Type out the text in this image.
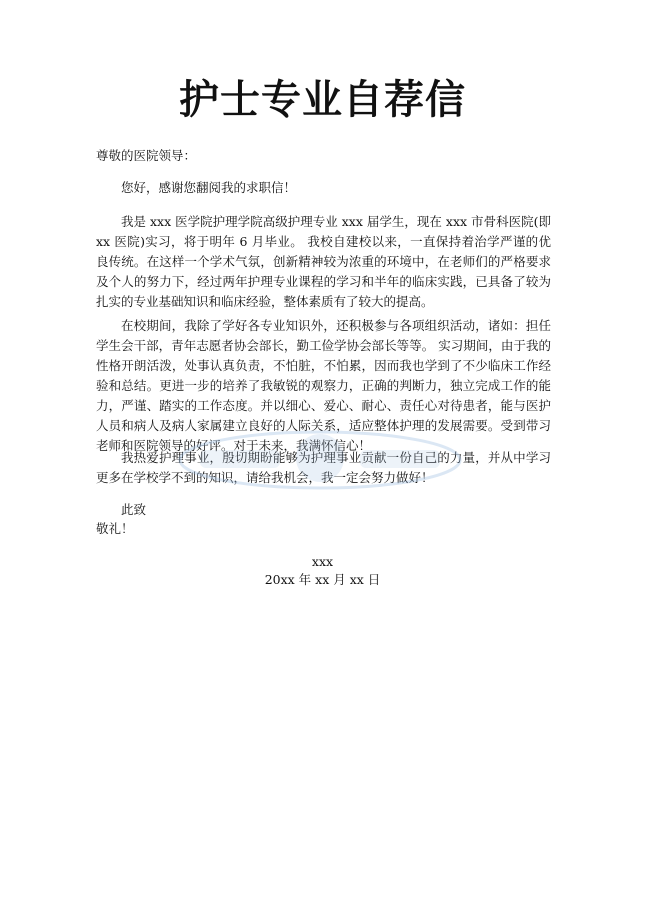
护士专业自荐信
尊敬的医院领导：
您好，感谢您翻阅我的求职信！
我是 xxx 医学院护理学院高级护理专业 xxx 届学生，现在 xxx 市骨科医院(即 xx 医院)实习，将于明年 6 月毕业。 我校自建校以来，一直保持着治学严谨的优良传统。在这样一个学术气氛，创新精神较为浓重的环境中，在老师们的严格要求及个人的努力下，经过两年护理专业课程的学习和半年的临床实践，已具备了较为扎实的专业基础知识和临床经验，整体素质有了较大的提高。
在校期间，我除了学好各专业知识外，还积极参与各项组织活动，诸如：担任学生会干部，青年志愿者协会部长，勤工俭学协会部长等等。 实习期间，由于我的性格开朗活泼，处事认真负责，不怕脏，不怕累，因而我也学到了不少临床工作经验和总结。更进一步的培养了我敏锐的观察力，正确的判断力，独立完成工作的能力，严谨、踏实的工作态度。并以细心、爱心、耐心、责任心对待患者，能与医护人员和病人及病人家属建立良好的人际关系，适应整体护理的发展需要。受到带习老师和医院领导的好评。对于未来，我满怀信心！
我热爱护理事业，殷切期盼能够为护理事业贡献一份自己的力量，并从中学习更多在学校学不到的知识，请给我机会，我一定会努力做好！
此致
敬礼！
xxx
20xx 年 xx 月 xx 日
